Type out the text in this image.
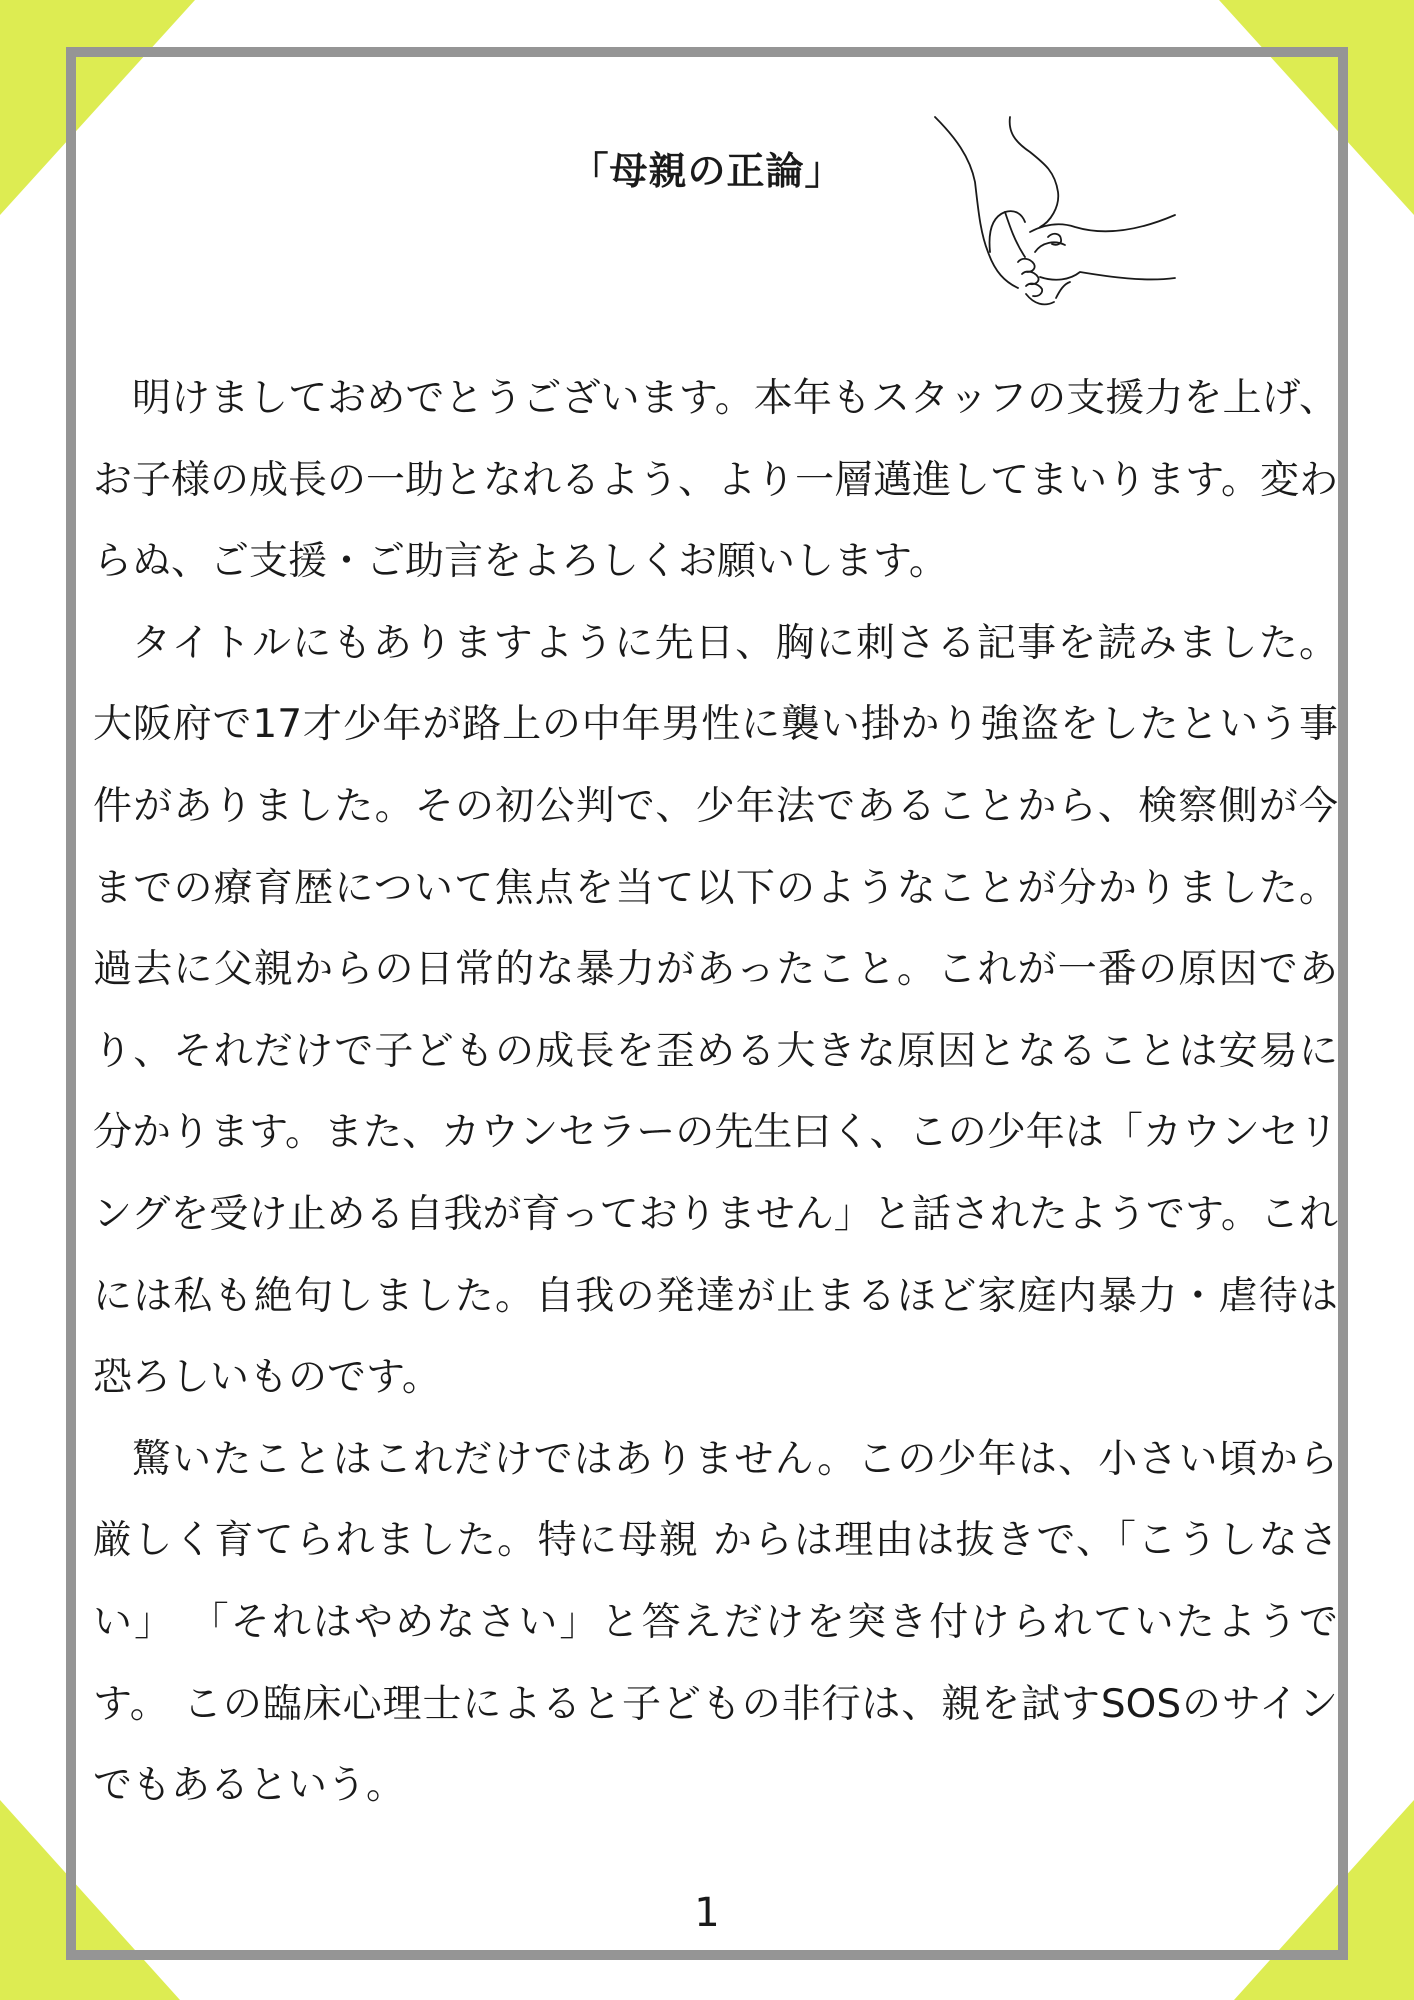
「母親の正論」

明けましておめでとうございます。本年もスタッフの支援力を上げ、お子様の成長の一助となれるよう、より一層邁進してまいります。変わらぬ、ご支援・ご助言をよろしくお願いします。

タイトルにもありますように先日、胸に刺さる記事を読みました。大阪府で17才少年が路上の中年男性に襲い掛かり強盗をしたという事件がありました。その初公判で、少年法であることから、検察側が今までの療育歴について焦点を当て以下のようなことが分かりました。過去に父親からの日常的な暴力があったこと。これが一番の原因であり、それだけで子どもの成長を歪める大きな原因となることは安易に分かります。また、カウンセラーの先生曰く、この少年は「カウンセリングを受け止める自我が育っておりません」と話されたようです。これには私も絶句しました。自我の発達が止まるほど家庭内暴力・虐待は恐ろしいものです。

驚いたことはこれだけではありません。この少年は、小さい頃から厳しく育てられました。特に母親 からは理由は抜きで、「こうしなさい」 「それはやめなさい」と答えだけを突き付けられていたようです。 この臨床心理士によると子どもの非行は、親を試すSOSのサインでもあるという。

1
